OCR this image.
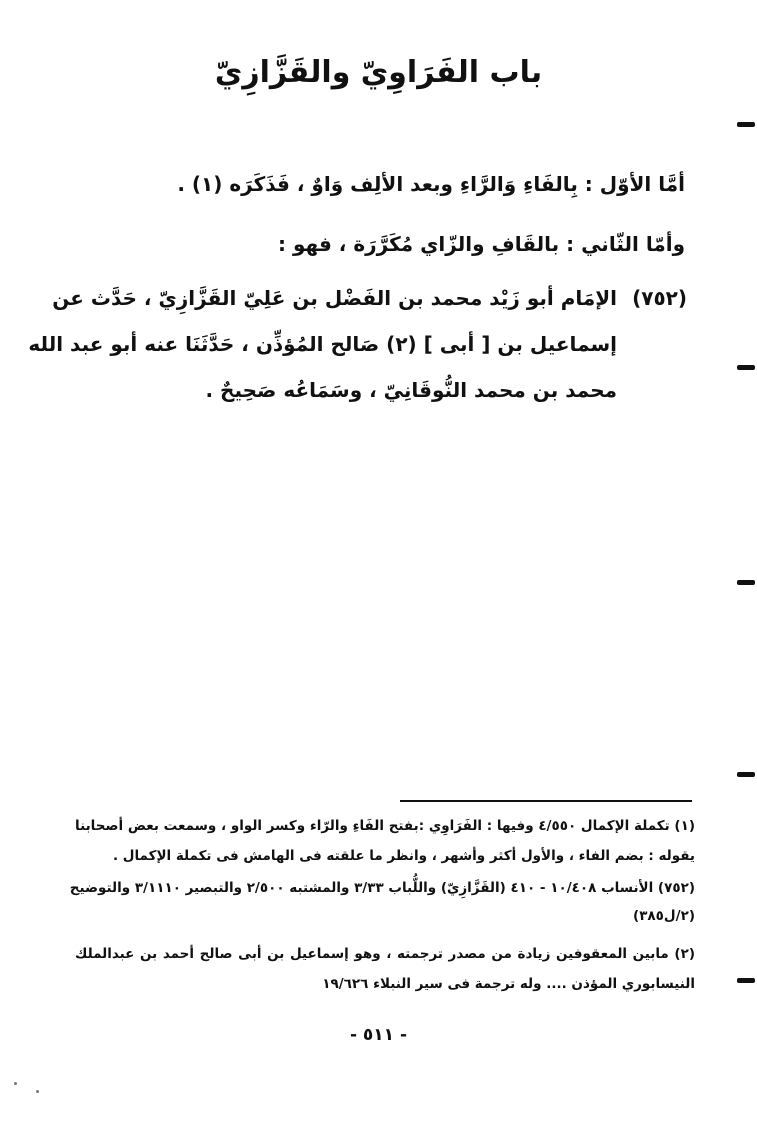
باب الفَرَاوِيّ والقَزَّازِيّ
أمَّا الأوّل : بِالفَاءِ وَالرَّاءِ وبعد الألِف وَاوٌ ، فَذَكَرَه (١) .
وأمّا الثّاني : بالقَافِ والزّاي مُكَرَّرَة ، فهو :
(٧٥٢)
الإمَام أبو زَيْد محمد بن الفَضْل بن عَلِيّ القَزَّازِيّ ، حَدَّث عن
إسماعيل بن [ أبى ] (٢) صَالح المُؤذِّن ، حَدَّثَنَا عنه أبو عبد الله
محمد بن محمد النُّوقَانِيّ ، وسَمَاعُه صَحِيحٌ .
(١) تكملة الإكمال ٤/٥٥٠ وفيها : الفَرَاوِي :بفتح الفَاءِ والرّاء وكسر الواو ، وسمعت بعض أصحابنا
يقوله : بضم الفاء ، والأول أكثر وأشهر ، وانظر ما علقته فى الهامش فى تكملة الإكمال .
(٧٥٢) الأنساب ١٠/٤٠٨ - ٤١٠ (القَزَّازِيّ) واللُّباب ٣/٣٣ والمشتبه ٢/٥٠٠ والتبصير ٣/١١١٠ والتوضيح
(٢/ل٣٨٥)
(٢) مابين المعقوفين زيادة من مصدر ترجمته ، وهو إسماعيل بن أبى صالح أحمد بن عبدالملك
النيسابوري المؤذن .... وله ترجمة فى سير النبلاء ١٩/٦٢٦
- ٥١١ -
